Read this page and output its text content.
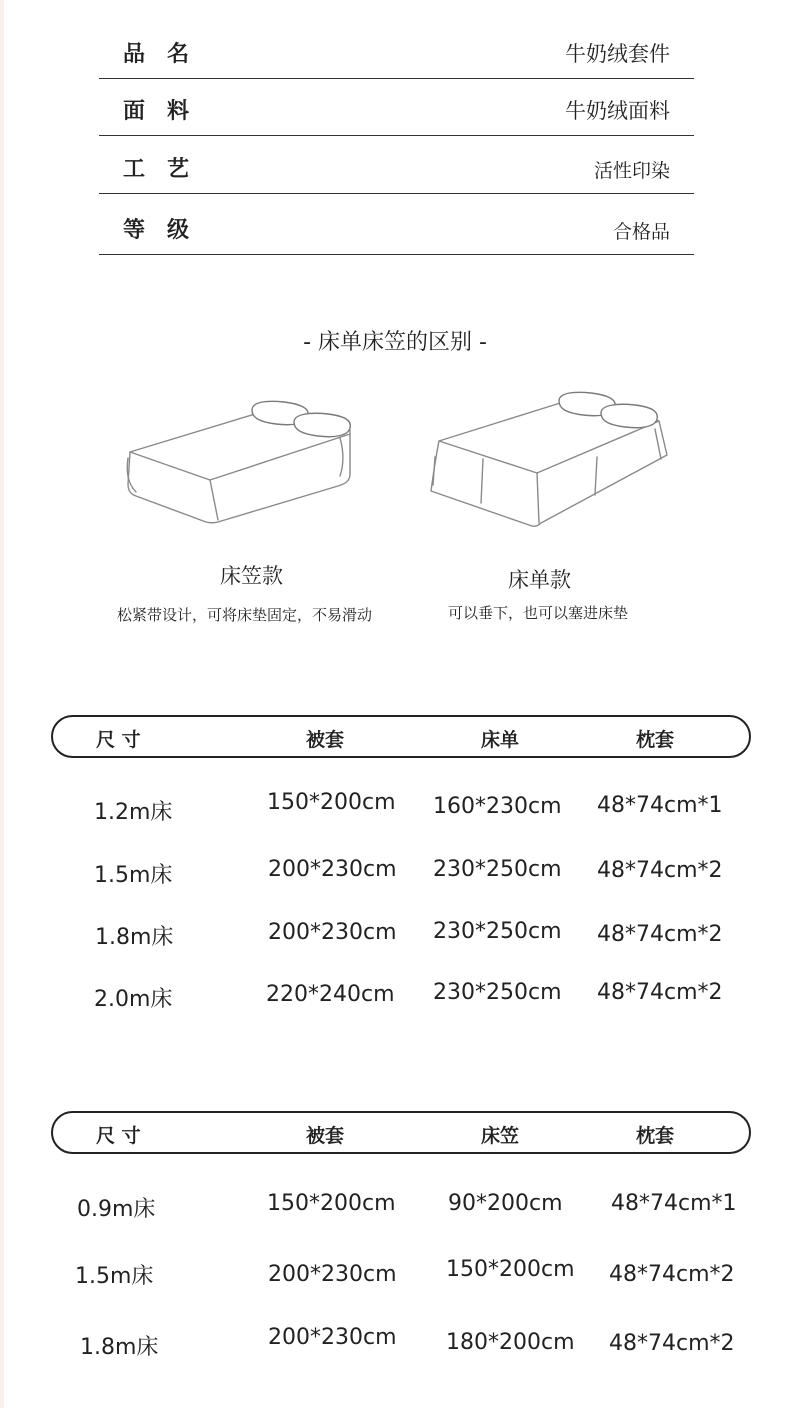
品名	牛奶绒套件
面料	牛奶绒面料
工艺	活性印染
等级	合格品
- 床单床笠的区别 -
床笠款
松紧带设计，可将床垫固定，不易滑动
床单款
可以垂下，也可以塞进床垫
尺 寸	被套	床单	枕套
1.2m床	150*200cm 160*230cm 48*74cm*1
1.5m床	200*230cm 230*250cm 48*74cm*2
1.8m床	200*230cm 230*250cm 48*74cm*2
2.0m床	220*240cm 230*250cm 48*74cm*2
尺 寸	被套	床笠	枕套
0.9m床	150*200cm 90*200cm 48*74cm*1
1.5m床	200*230cm 150*200cm 48*74cm*2
1.8m床	200*230cm 180*200cm 48*74cm*2
